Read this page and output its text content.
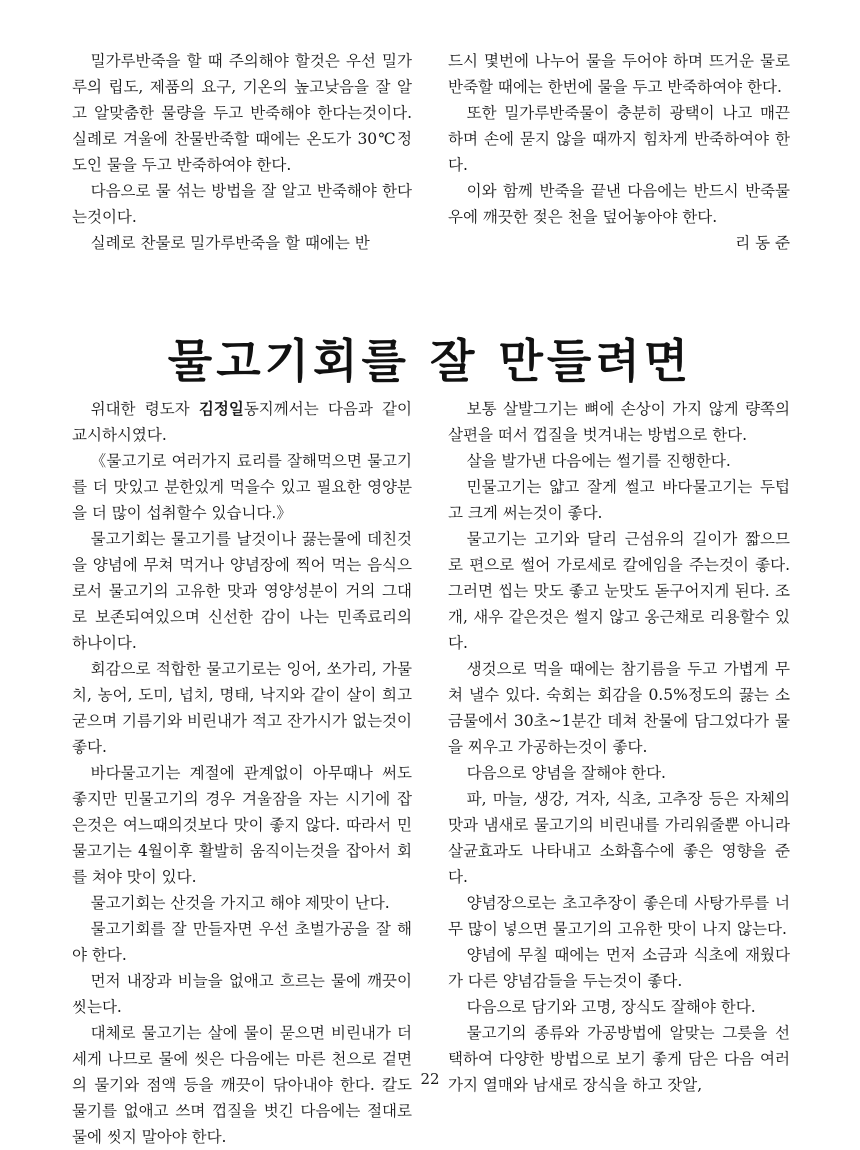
밀가루반죽을 할 때 주의해야 할것은 우선 밀가루의 립도, 제품의 요구, 기온의 높고낮음을 잘 알고 알맞춤한 물량을 두고 반죽해야 한다는것이다. 실례로 겨울에 찬물반죽할 때에는 온도가 30℃정도인 물을 두고 반죽하여야 한다.

다음으로 물 섞는 방법을 잘 알고 반죽해야 한다는것이다.

실례로 찬물로 밀가루반죽을 할 때에는 반

드시 몇번에 나누어 물을 두어야 하며 뜨거운 물로 반죽할 때에는 한번에 물을 두고 반죽하여야 한다.

또한 밀가루반죽물이 충분히 광택이 나고 매끈하며 손에 묻지 않을 때까지 힘차게 반죽하여야 한다.

이와 함께 반죽을 끝낸 다음에는 반드시 반죽물우에 깨끗한 젖은 천을 덮어놓아야 한다.

리 동 준

물고기회를 잘 만들려면

위대한 령도자 김정일동지께서는 다음과 같이 교시하시였다.

《물고기로 여러가지 료리를 잘해먹으면 물고기를 더 맛있고 분한있게 먹을수 있고 필요한 영양분을 더 많이 섭취할수 있습니다.》

물고기회는 물고기를 날것이나 끓는물에 데친것을 양념에 무쳐 먹거나 양념장에 찍어 먹는 음식으로서 물고기의 고유한 맛과 영양성분이 거의 그대로 보존되여있으며 신선한 감이 나는 민족료리의 하나이다.

회감으로 적합한 물고기로는 잉어, 쏘가리, 가물치, 농어, 도미, 넙치, 명태, 낙지와 같이 살이 희고 굳으며 기름기와 비린내가 적고 잔가시가 없는것이 좋다.

바다물고기는 계절에 관계없이 아무때나 써도 좋지만 민물고기의 경우 겨울잠을 자는 시기에 잡은것은 여느때의것보다 맛이 좋지 않다. 따라서 민물고기는 4월이후 활발히 움직이는것을 잡아서 회를 쳐야 맛이 있다.

물고기회는 산것을 가지고 해야 제맛이 난다.

물고기회를 잘 만들자면 우선 초벌가공을 잘 해야 한다.

먼저 내장과 비늘을 없애고 흐르는 물에 깨끗이 씻는다.

대체로 물고기는 살에 물이 묻으면 비린내가 더 세게 나므로 물에 씻은 다음에는 마른 천으로 겉면의 물기와 점액 등을 깨끗이 닦아내야 한다. 칼도 물기를 없애고 쓰며 껍질을 벗긴 다음에는 절대로 물에 씻지 말아야 한다.

보통 살발그기는 뼈에 손상이 가지 않게 량쪽의 살편을 떠서 껍질을 벗겨내는 방법으로 한다.

살을 발가낸 다음에는 썰기를 진행한다.

민물고기는 얇고 잘게 썰고 바다물고기는 두텁고 크게 써는것이 좋다.

물고기는 고기와 달리 근섬유의 길이가 짧으므로 편으로 썰어 가로세로 칼에임을 주는것이 좋다. 그러면 씹는 맛도 좋고 눈맛도 돋구어지게 된다. 조개, 새우 같은것은 썰지 않고 옹근채로 리용할수 있다.

생것으로 먹을 때에는 참기름을 두고 가볍게 무쳐 낼수 있다. 숙회는 회감을 0.5%정도의 끓는 소금물에서 30초~1분간 데쳐 찬물에 담그었다가 물을 찌우고 가공하는것이 좋다.

다음으로 양념을 잘해야 한다.

파, 마늘, 생강, 겨자, 식초, 고추장 등은 자체의 맛과 냄새로 물고기의 비린내를 가리워줄뿐 아니라 살균효과도 나타내고 소화흡수에 좋은 영향을 준다.

양념장으로는 초고추장이 좋은데 사탕가루를 너무 많이 넣으면 물고기의 고유한 맛이 나지 않는다.

양념에 무칠 때에는 먼저 소금과 식초에 재웠다가 다른 양념감들을 두는것이 좋다.

다음으로 담기와 고명, 장식도 잘해야 한다.

물고기의 종류와 가공방법에 알맞는 그릇을 선택하여 다양한 방법으로 보기 좋게 담은 다음 여러가지 열매와 남새로 장식을 하고 잣알,

22
